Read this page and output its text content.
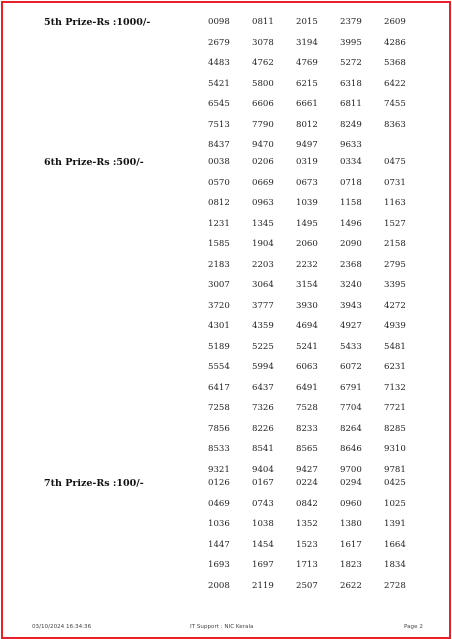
5th Prize-Rs :1000/-	0098	0811	2015	2379	2609
2679	3078	3194	3995	4286
4483	4762	4769	5272	5368
5421	5800	6215	6318	6422
6545	6606	6661	6811	7455
7513	7790	8012	8249	8363
8437	9470	9497	9633
6th Prize-Rs :500/-	0038	0206	0319	0334	0475
0570	0669	0673	0718	0731
0812	0963	1039	1158	1163
1231	1345	1495	1496	1527
1585	1904	2060	2090	2158
2183	2203	2232	2368	2795
3007	3064	3154	3240	3395
3720	3777	3930	3943	4272
4301	4359	4694	4927	4939
5189	5225	5241	5433	5481
5554	5994	6063	6072	6231
6417	6437	6491	6791	7132
7258	7326	7528	7704	7721
7856	8226	8233	8264	8285
8533	8541	8565	8646	9310
9321	9404	9427	9700	9781
7th Prize-Rs :100/-	0126	0167	0224	0294	0425
0469	0743	0842	0960	1025
1036	1038	1352	1380	1391
1447	1454	1523	1617	1664
1693	1697	1713	1823	1834
2008	2119	2507	2622	2728
03/10/2024 16:34:36	IT Support : NIC Kerala	Page 2
